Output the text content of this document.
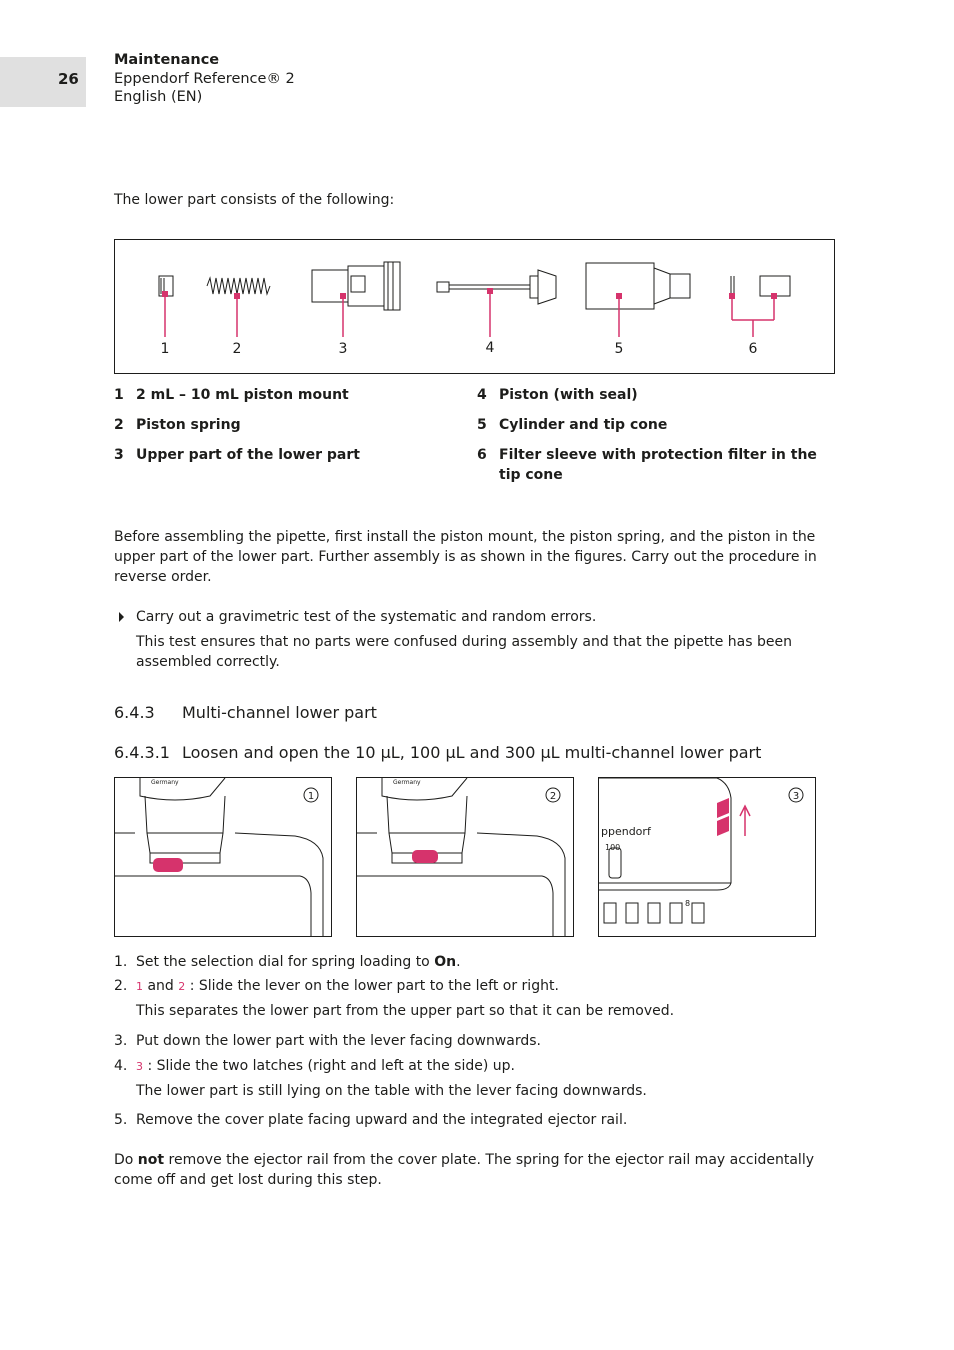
26
Maintenance
Eppendorf Reference® 2
English (EN)
The lower part consists of the following:
1	2	3	4	5	6
1 2 mL – 10 mL piston mount
2 Piston spring
3 Upper part of the lower part
4 Piston (with seal)
5 Cylinder and tip cone
6 Filter sleeve with protection filter in the tip cone
Before assembling the pipette, first install the piston mount, the piston spring, and the piston in the upper part of the lower part. Further assembly is as shown in the figures. Carry out the procedure in reverse order.
Carry out a gravimetric test of the systematic and random errors.
This test ensures that no parts were confused during assembly and that the pipette has been assembled correctly.
6.4.3 Multi-channel lower part
6.4.3.1 Loosen and open the 10 µL, 100 µL and 300 µL multi-channel lower part
Germany
1
Germany
2
ppendorf
100
8
3
1. Set the selection dial for spring loading to On.
2. 1 and 2 : Slide the lever on the lower part to the left or right.
This separates the lower part from the upper part so that it can be removed.
3. Put down the lower part with the lever facing downwards.
4. 3 : Slide the two latches (right and left at the side) up.
The lower part is still lying on the table with the lever facing downwards.
5. Remove the cover plate facing upward and the integrated ejector rail.
Do not remove the ejector rail from the cover plate. The spring for the ejector rail may accidentally come off and get lost during this step.
